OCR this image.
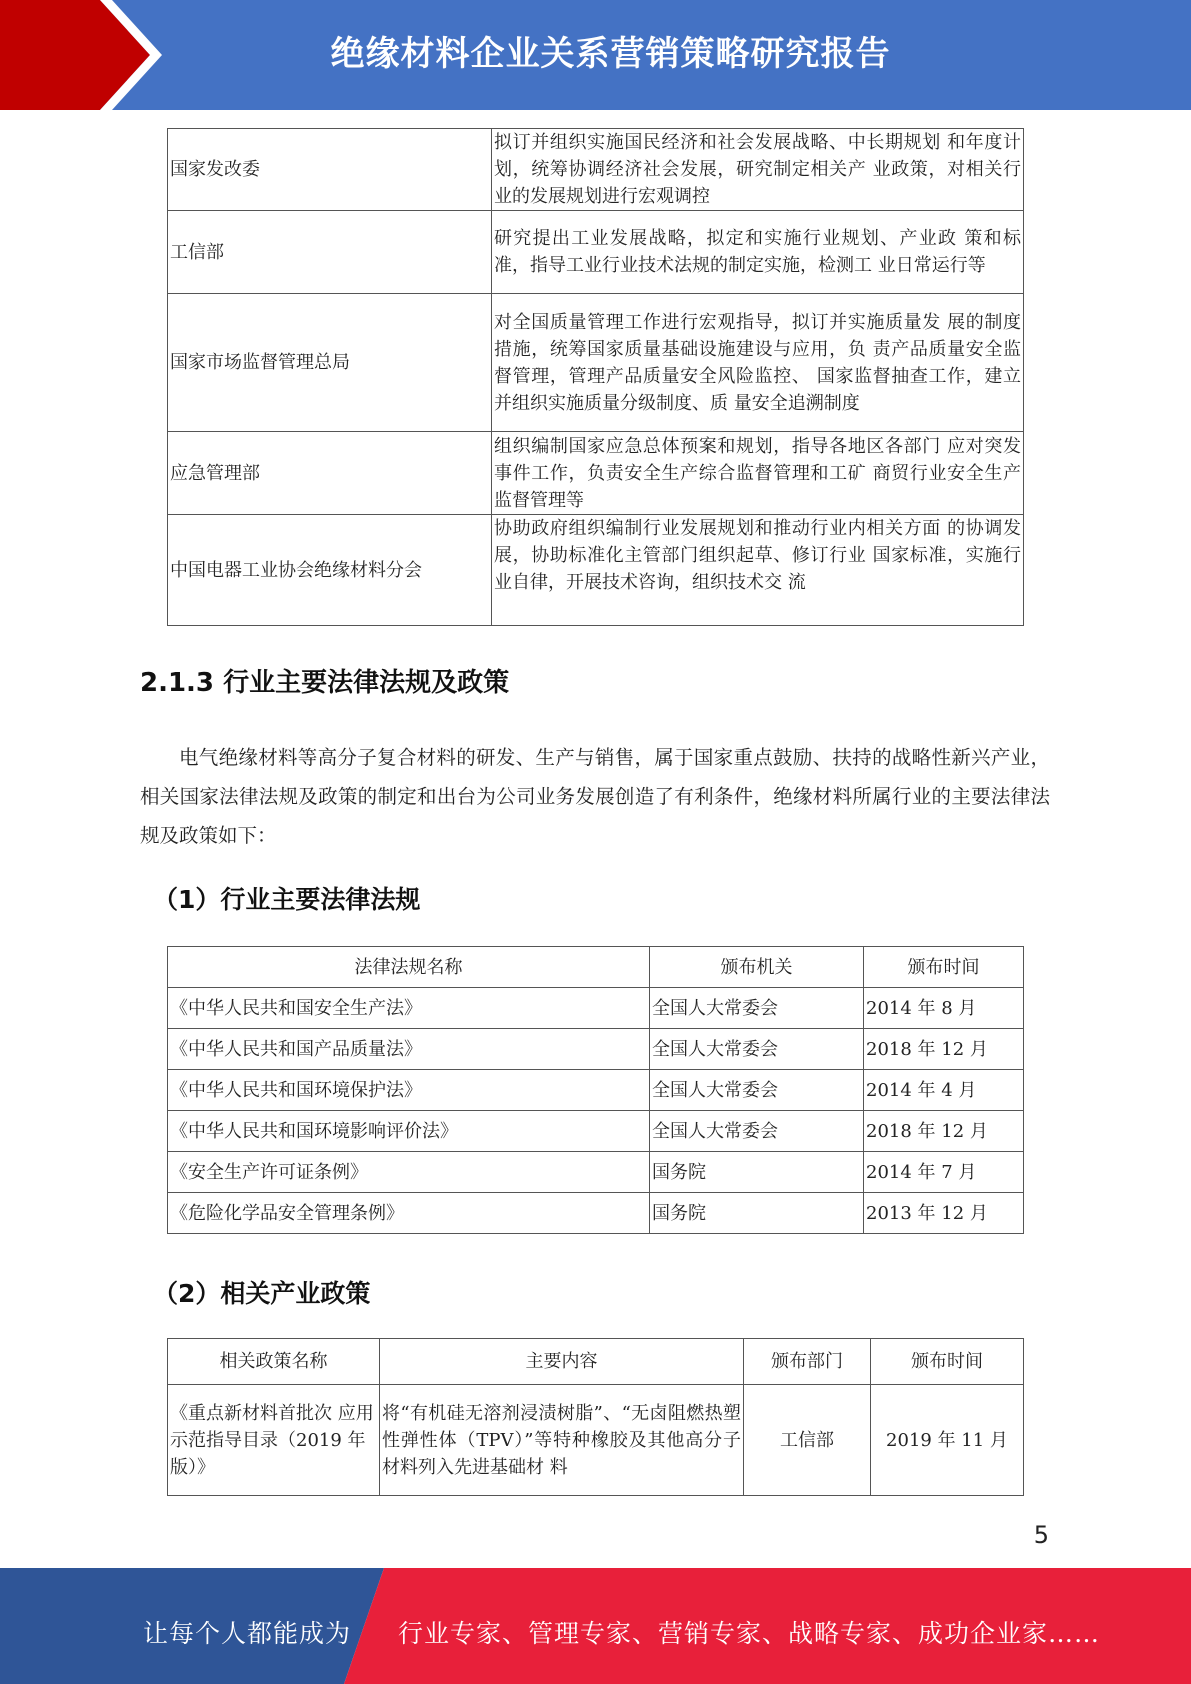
绝缘材料企业关系营销策略研究报告
国家发改委	拟订并组织实施国民经济和社会发展战略、中长期规划 和年度计划，统筹协调经济社会发展，研究制定相关产 业政策，对相关行业的发展规划进行宏观调控
工信部	研究提出工业发展战略，拟定和实施行业规划、产业政 策和标准，指导工业行业技术法规的制定实施，检测工 业日常运行等
国家市场监督管理总局	对全国质量管理工作进行宏观指导，拟订并实施质量发 展的制度措施，统筹国家质量基础设施建设与应用，负 责产品质量安全监督管理，管理产品质量安全风险监控、 国家监督抽查工作，建立并组织实施质量分级制度、质 量安全追溯制度
应急管理部	组织编制国家应急总体预案和规划，指导各地区各部门 应对突发事件工作，负责安全生产综合监督管理和工矿 商贸行业安全生产监督管理等
中国电器工业协会绝缘材料分会	协助政府组织编制行业发展规划和推动行业内相关方面 的协调发展，协助标准化主管部门组织起草、修订行业 国家标准，实施行业自律，开展技术咨询，组织技术交 流
2.1.3 行业主要法律法规及政策
电气绝缘材料等高分子复合材料的研发、生产与销售，属于国家重点鼓励、扶持的战略性新兴产业，相关国家法律法规及政策的制定和出台为公司业务发展创造了有利条件，绝缘材料所属行业的主要法律法规及政策如下：
（1）行业主要法律法规
法律法规名称	颁布机关	颁布时间
《中华人民共和国安全生产法》	全国人大常委会	2014 年 8 月
《中华人民共和国产品质量法》	全国人大常委会	2018 年 12 月
《中华人民共和国环境保护法》	全国人大常委会	2014 年 4 月
《中华人民共和国环境影响评价法》	全国人大常委会	2018 年 12 月
《安全生产许可证条例》	国务院	2014 年 7 月
《危险化学品安全管理条例》	国务院	2013 年 12 月
（2）相关产业政策
相关政策名称	主要内容	颁布部门	颁布时间
《重点新材料首批次 应用示范指导目录（2019 年版）》	将“有机硅无溶剂浸渍树脂”、“无卤阻燃热塑性弹性体（TPV）”等特种橡胶及其他高分子材料列入先进基础材 料	工信部	2019 年 11 月
5
让每个人都能成为 行业专家、管理专家、营销专家、战略专家、成功企业家……
